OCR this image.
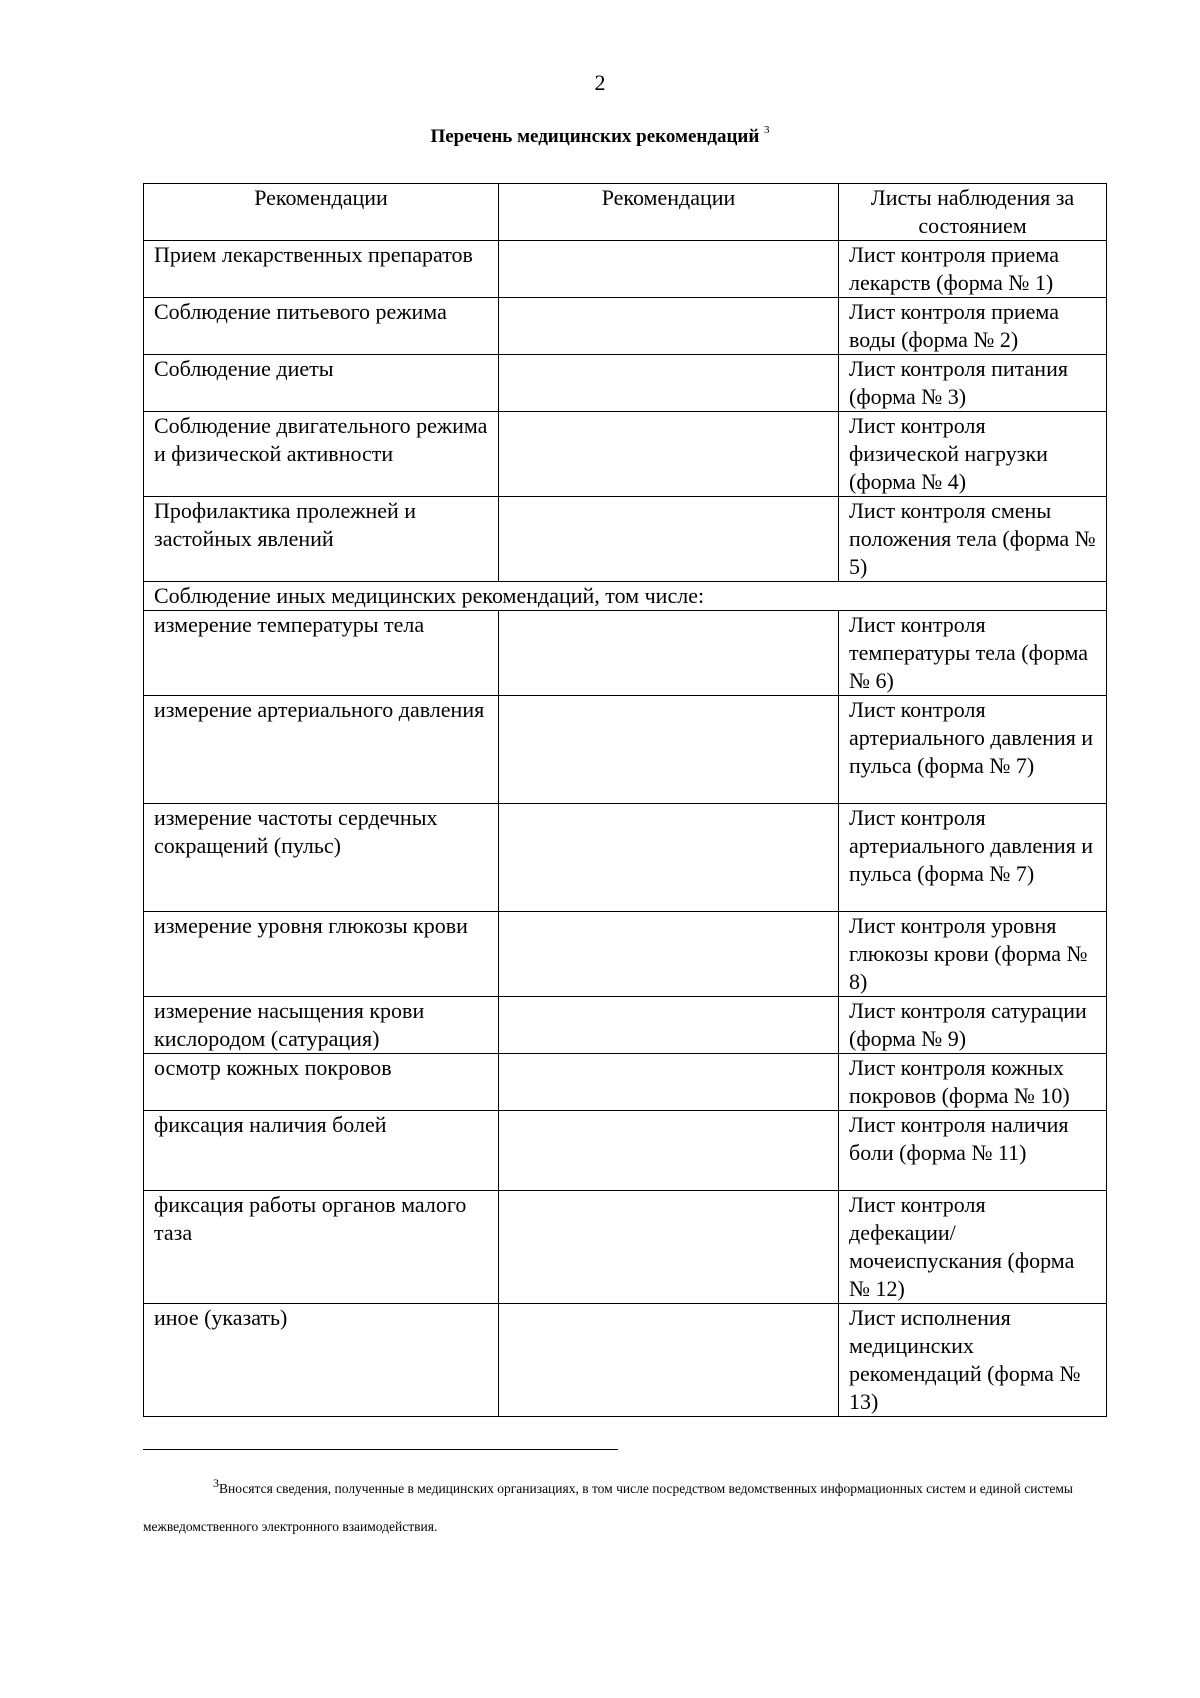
2
Перечень медицинских рекомендаций $^3$
Рекомендации	Рекомендации	Листы наблюдения за состоянием
Прием лекарственных препаратов		Лист контроля приема лекарств (форма № 1)
Соблюдение питьевого режима		Лист контроля приема воды (форма № 2)
Соблюдение диеты		Лист контроля питания (форма № 3)
Соблюдение двигательного режима и физической активности		Лист контроля физической нагрузки (форма № 4)
Профилактика пролежней и застойных явлений		Лист контроля смены положения тела (форма № 5)
Соблюдение иных медицинских рекомендаций, том числе:		
измерение температуры тела		Лист контроля температуры тела (форма № 6)
измерение артериального давления		Лист контроля артериального давления и пульса (форма № 7)
измерение частоты сердечных сокращений (пульс)		Лист контроля артериального давления и пульса (форма № 7)
измерение уровня глюкозы крови		Лист контроля уровня глюкозы крови (форма № 8)
измерение насыщения крови кислородом (сатурация)		Лист контроля сатурации (форма № 9)
осмотр кожных покровов		Лист контроля кожных покровов (форма № 10)
фиксация наличия болей		Лист контроля наличия боли (форма № 11)
фиксация работы органов малого таза		Лист контроля дефекации/мочеиспускания (форма № 12)
иное (указать)		Лист исполнения медицинских рекомендаций (форма № 13)
$^3$Вносятся сведения, полученные в медицинских организациях, в том числе посредством ведомственных информационных систем и единой системы межведомственного электронного взаимодействия.
